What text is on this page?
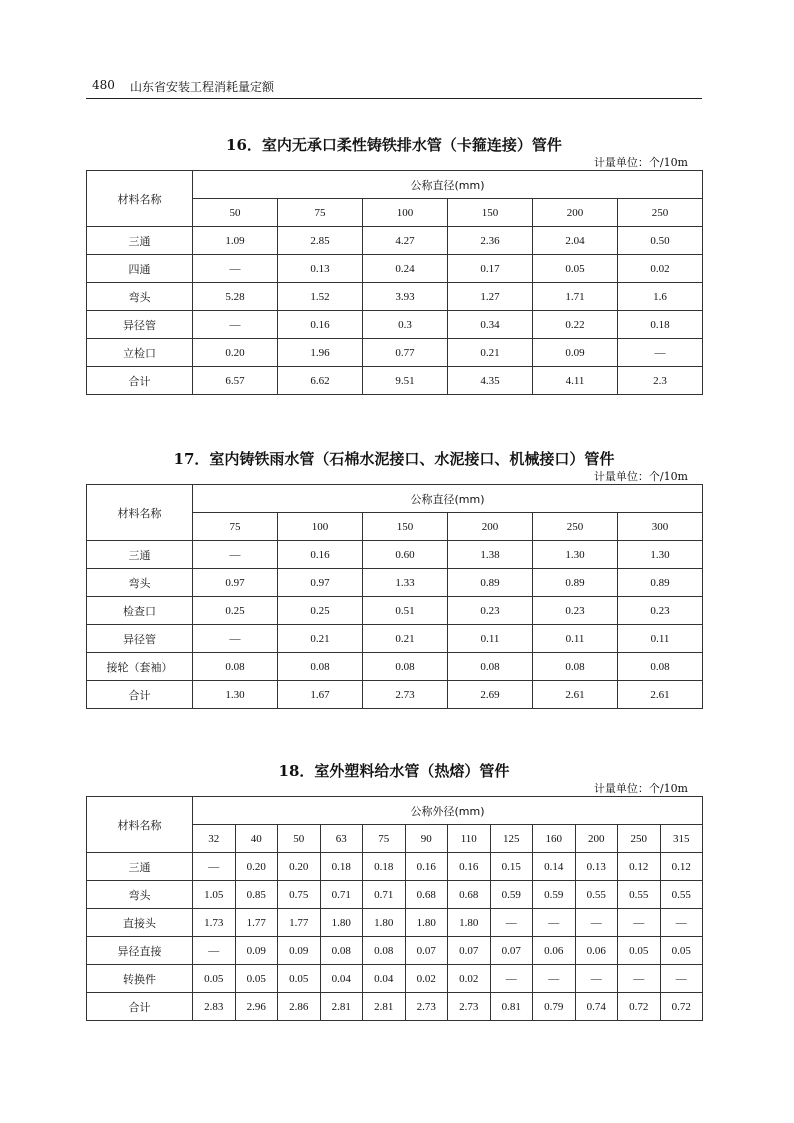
480 山东省安装工程消耗量定额
16．室内无承口柔性铸铁排水管（卡箍连接）管件
计量单位：个/10m
材料名称	公称直径(mm)					
	50	75	100	150	200	250
三通	1.09	2.85	4.27	2.36	2.04	0.50
四通	—	0.13	0.24	0.17	0.05	0.02
弯头	5.28	1.52	3.93	1.27	1.71	1.6
异径管	—	0.16	0.3	0.34	0.22	0.18
立检口	0.20	1.96	0.77	0.21	0.09	—
合计	6.57	6.62	9.51	4.35	4.11	2.3
17．室内铸铁雨水管（石棉水泥接口、水泥接口、机械接口）管件
计量单位：个/10m
材料名称	公称直径(mm)					
	75	100	150	200	250	300
三通	—	0.16	0.60	1.38	1.30	1.30
弯头	0.97	0.97	1.33	0.89	0.89	0.89
检查口	0.25	0.25	0.51	0.23	0.23	0.23
异径管	—	0.21	0.21	0.11	0.11	0.11
接轮（套袖）	0.08	0.08	0.08	0.08	0.08	0.08
合计	1.30	1.67	2.73	2.69	2.61	2.61
18．室外塑料给水管（热熔）管件
计量单位：个/10m
材料名称	公称外径(mm)											
	32	40	50	63	75	90	110	125	160	200	250	315
三通	—	0.20	0.20	0.18	0.18	0.16	0.16	0.15	0.14	0.13	0.12	0.12
弯头	1.05	0.85	0.75	0.71	0.71	0.68	0.68	0.59	0.59	0.55	0.55	0.55
直接头	1.73	1.77	1.77	1.80	1.80	1.80	1.80	—	—	—	—	—
异径直接	—	0.09	0.09	0.08	0.08	0.07	0.07	0.07	0.06	0.06	0.05	0.05
转换件	0.05	0.05	0.05	0.04	0.04	0.02	0.02	—	—	—	—	—
合计	2.83	2.96	2.86	2.81	2.81	2.73	2.73	0.81	0.79	0.74	0.72	0.72
